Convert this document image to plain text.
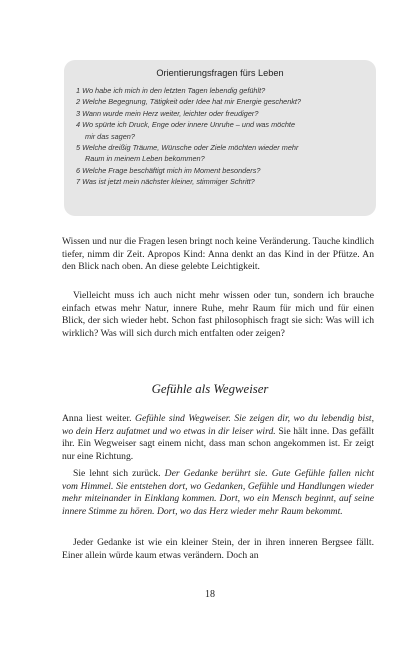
Orientierungsfragen fürs Leben
1 Wo habe ich mich in den letzten Tagen lebendig gefühlt?
2 Welche Begegnung, Tätigkeit oder Idee hat mir Energie geschenkt?
3 Wann wurde mein Herz weiter, leichter oder freudiger?
4 Wo spürte ich Druck, Enge oder innere Unruhe – und was möchte
mir das sagen?
5 Welche dreißig Träume, Wünsche oder Ziele möchten wieder mehr
Raum in meinem Leben bekommen?
6 Welche Frage beschäftigt mich im Moment besonders?
7 Was ist jetzt mein nächster kleiner, stimmiger Schritt?
Wissen und nur die Fragen lesen bringt noch keine Veränderung. Tauche kindlich tiefer, nimm dir Zeit. Apropos Kind: Anna denkt an das Kind in der Pfütze. An den Blick nach oben. An diese gelebte Leichtigkeit.
Vielleicht muss ich auch nicht mehr wissen oder tun, sondern ich brauche einfach etwas mehr Natur, innere Ruhe, mehr Raum für mich und für einen Blick, der sich wieder hebt. Schon fast philosophisch fragt sie sich: Was will ich wirklich? Was will sich durch mich entfalten oder zeigen?
Gefühle als Wegweiser
Anna liest weiter. Gefühle sind Wegweiser. Sie zeigen dir, wo du lebendig bist, wo dein Herz aufatmet und wo etwas in dir leiser wird. Sie hält inne. Das gefällt ihr. Ein Wegweiser sagt einem nicht, dass man schon angekommen ist. Er zeigt nur eine Richtung.
Sie lehnt sich zurück. Der Gedanke berührt sie. Gute Gefühle fallen nicht vom Himmel. Sie entstehen dort, wo Gedanken, Gefühle und Handlungen wieder mehr miteinander in Einklang kommen. Dort, wo ein Mensch beginnt, auf seine innere Stimme zu hören. Dort, wo das Herz wieder mehr Raum bekommt.
Jeder Gedanke ist wie ein kleiner Stein, der in ihren inneren Bergsee fällt. Einer allein würde kaum etwas verändern. Doch an
18
